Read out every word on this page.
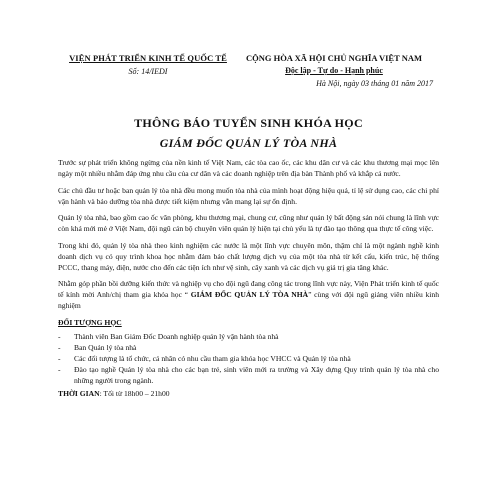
VIỆN PHÁT TRIỂN KINH TẾ QUỐC TẾ
Số: 14/IEDI
CỘNG HÒA XÃ HỘI CHỦ NGHĨA VIỆT NAM
Độc lập - Tự do - Hạnh phúc
Hà Nội, ngày 03 tháng 01 năm 2017
THÔNG BÁO TUYỂN SINH KHÓA HỌC
GIÁM ĐỐC QUẢN LÝ TÒA NHÀ

Trước sự phát triển không ngừng của nền kinh tế Việt Nam, các tòa cao ốc, các khu dân cư và các khu thương mại mọc lên ngày một nhiều nhằm đáp ứng nhu cầu của cư dân và các doanh nghiệp trên địa bàn Thành phố và khắp cả nước.

Các chủ đầu tư hoặc ban quản lý tòa nhà đều mong muốn tòa nhà của mình hoạt động hiệu quả, tỉ lệ sử dụng cao, các chi phí vận hành và bảo dưỡng tòa nhà được tiết kiệm nhưng vẫn mang lại sự ổn định.

Quản lý tòa nhà, bao gồm cao ốc văn phòng, khu thương mại, chung cư, cũng như quản lý bất động sản nói chung là lĩnh vực còn khá mới mẻ ở Việt Nam, đội ngũ cán bộ chuyên viên quản lý hiện tại chủ yếu là tự đào tạo thông qua thực tế công việc.

Trong khi đó, quản lý tòa nhà theo kinh nghiệm các nước là một lĩnh vực chuyên môn, thậm chí là một ngành nghề kinh doanh dịch vụ có quy trình khoa học nhằm đảm bảo chất lượng dịch vụ của một tòa nhà từ kết cấu, kiến trúc, hệ thống PCCC, thang máy, điện, nước cho đến các tiện ích như vệ sinh, cây xanh và các dịch vụ giá trị gia tăng khác.

Nhằm góp phần bồi dưỡng kiến thức và nghiệp vụ cho đội ngũ đang công tác trong lĩnh vực này, Viện Phát triển kinh tế quốc tế kính mời Anh/chị tham gia khóa học “ GIÁM ĐỐC QUẢN LÝ TÒA NHÀ” cùng với đội ngũ giảng viên nhiều kinh nghiệm

ĐỐI TƯỢNG HỌC
- Thành viên Ban Giám Đốc Doanh nghiệp quản lý vận hành tòa nhà
- Ban Quản lý tòa nhà
- Các đối tượng là tổ chức, cá nhân có nhu cầu tham gia khóa học VHCC và Quản lý tòa nhà
- Đào tạo nghề Quản lý tòa nhà cho các bạn trẻ, sinh viên mới ra trường và Xây dựng Quy trình quản lý tòa nhà cho những người trong ngành.
THỜI GIAN: Tối từ 18h00 – 21h00
